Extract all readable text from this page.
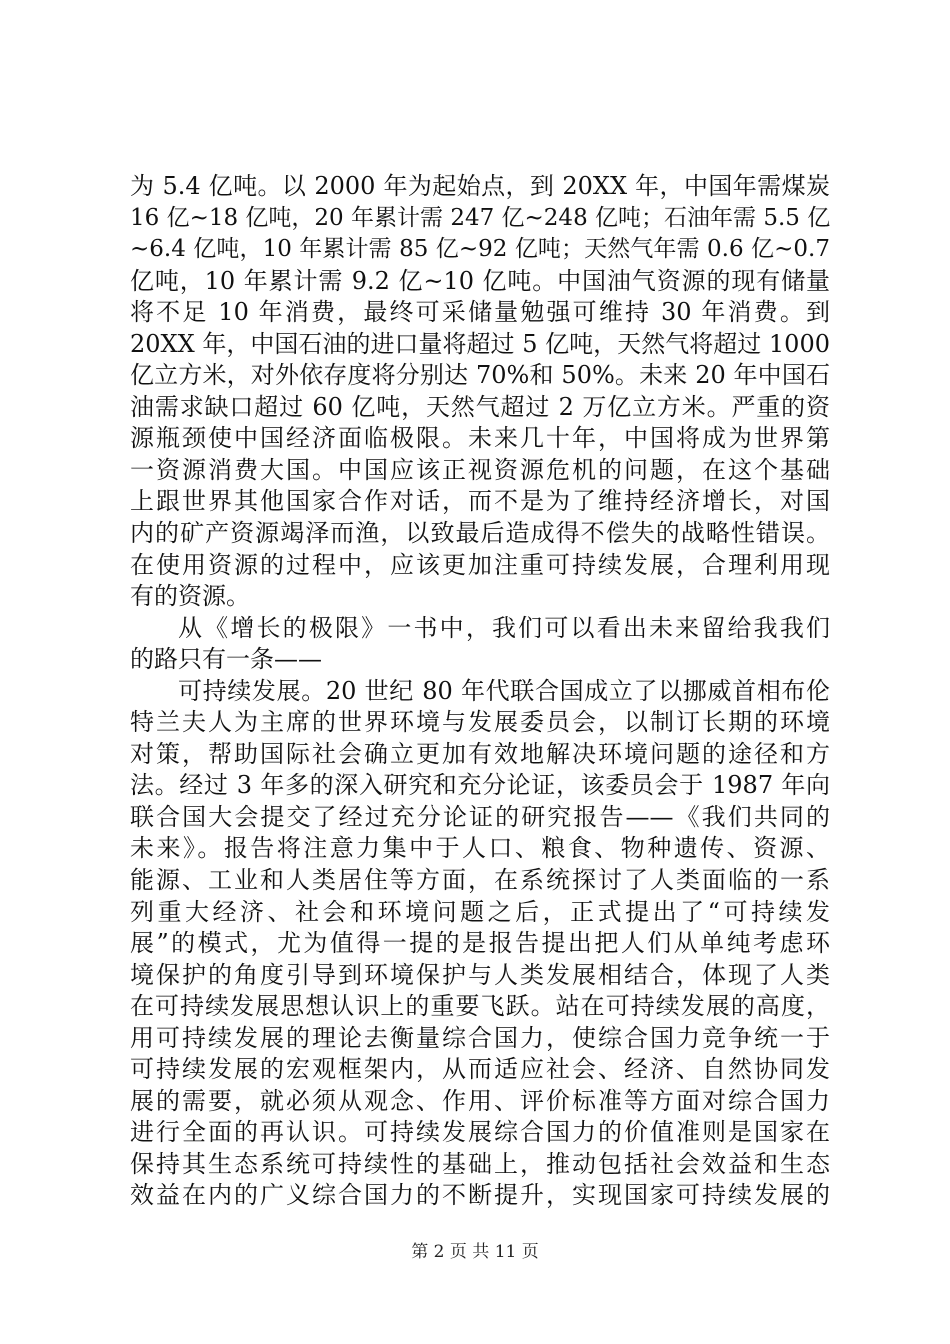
为 5.4 亿吨。以 2000 年为起始点，到 20XX 年，中国年需煤炭
16 亿~18 亿吨，20 年累计需 247 亿~248 亿吨；石油年需 5.5 亿
~6.4 亿吨，10 年累计需 85 亿~92 亿吨；天然气年需 0.6 亿~0.7
亿吨，10 年累计需 9.2 亿~10 亿吨。中国油气资源的现有储量
将不足 10 年消费，最终可采储量勉强可维持 30 年消费。到
20XX 年，中国石油的进口量将超过 5 亿吨，天然气将超过 1000
亿立方米，对外依存度将分别达 70%和 50%。未来 20 年中国石
油需求缺口超过 60 亿吨，天然气超过 2 万亿立方米。严重的资
源瓶颈使中国经济面临极限。未来几十年，中国将成为世界第
一资源消费大国。中国应该正视资源危机的问题，在这个基础
上跟世界其他国家合作对话，而不是为了维持经济增长，对国
内的矿产资源竭泽而渔，以致最后造成得不偿失的战略性错误。
在使用资源的过程中，应该更加注重可持续发展，合理利用现
有的资源。
从《增长的极限》一书中，我们可以看出未来留给我我们
的路只有一条——
可持续发展。20 世纪 80 年代联合国成立了以挪威首相布伦
特兰夫人为主席的世界环境与发展委员会，以制订长期的环境
对策，帮助国际社会确立更加有效地解决环境问题的途径和方
法。经过 3 年多的深入研究和充分论证，该委员会于 1987 年向
联合国大会提交了经过充分论证的研究报告——《我们共同的
未来》。报告将注意力集中于人口、粮食、物种遗传、资源、
能源、工业和人类居住等方面，在系统探讨了人类面临的一系
列重大经济、社会和环境问题之后，正式提出了“可持续发
展”的模式，尤为值得一提的是报告提出把人们从单纯考虑环
境保护的角度引导到环境保护与人类发展相结合，体现了人类
在可持续发展思想认识上的重要飞跃。站在可持续发展的高度，
用可持续发展的理论去衡量综合国力，使综合国力竞争统一于
可持续发展的宏观框架内，从而适应社会、经济、自然协同发
展的需要，就必须从观念、作用、评价标准等方面对综合国力
进行全面的再认识。可持续发展综合国力的价值准则是国家在
保持其生态系统可持续性的基础上，推动包括社会效益和生态
效益在内的广义综合国力的不断提升，实现国家可持续发展的
第 2 页 共 11 页
